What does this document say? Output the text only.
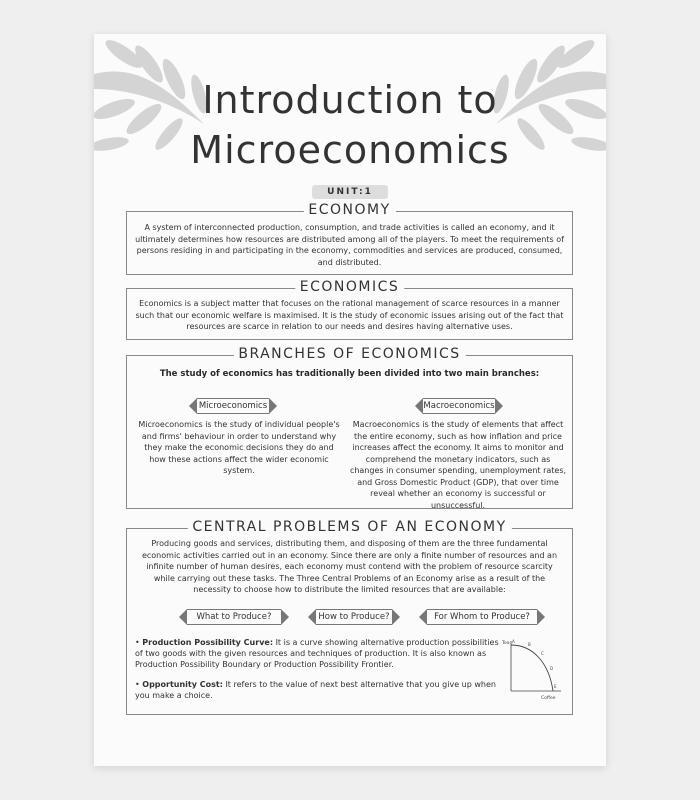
Introduction to
Microeconomics
UNIT:1
ECONOMY
A system of interconnected production, consumption, and trade activities is called an economy, and it ultimately determines how resources are distributed among all of the players. To meet the requirements of persons residing in and participating in the economy, commodities and services are produced, consumed, and distributed.
ECONOMICS
Economics is a subject matter that focuses on the rational management of scarce resources in a manner such that our economic welfare is maximised. It is the study of economic issues arising out of the fact that resources are scarce in relation to our needs and desires having alternative uses.
BRANCHES OF ECONOMICS
The study of economics has traditionally been divided into two main branches:
Microeconomics	Macroeconomics
Microeconomics is the study of individual people's and firms' behaviour in order to understand why they make the economic decisions they do and how these actions affect the wider economic system.
Macroeconomics is the study of elements that affect the entire economy, such as how inflation and price increases affect the economy. It aims to monitor and comprehend the monetary indicators, such as changes in consumer spending, unemployment rates, and Gross Domestic Product (GDP), that over time reveal whether an economy is successful or unsuccessful.
CENTRAL PROBLEMS OF AN ECONOMY
Producing goods and services, distributing them, and disposing of them are the three fundamental economic activities carried out in an economy. Since there are only a finite number of resources and an infinite number of human desires, each economy must contend with the problem of resource scarcity while carrying out these tasks. The Three Central Problems of an Economy arise as a result of the necessity to choose how to distribute the limited resources that are available:
What to Produce?	How to Produce?	For Whom to Produce?
• Production Possibility Curve: It is a curve showing alternative production possibilities of two goods with the given resources and techniques of production. It is also known as Production Possibility Boundary or Production Possibility Frontier.
• Opportunity Cost: It refers to the value of next best alternative that you give up when you make a choice.
Tea
Coffee
A
B
C
D
E
